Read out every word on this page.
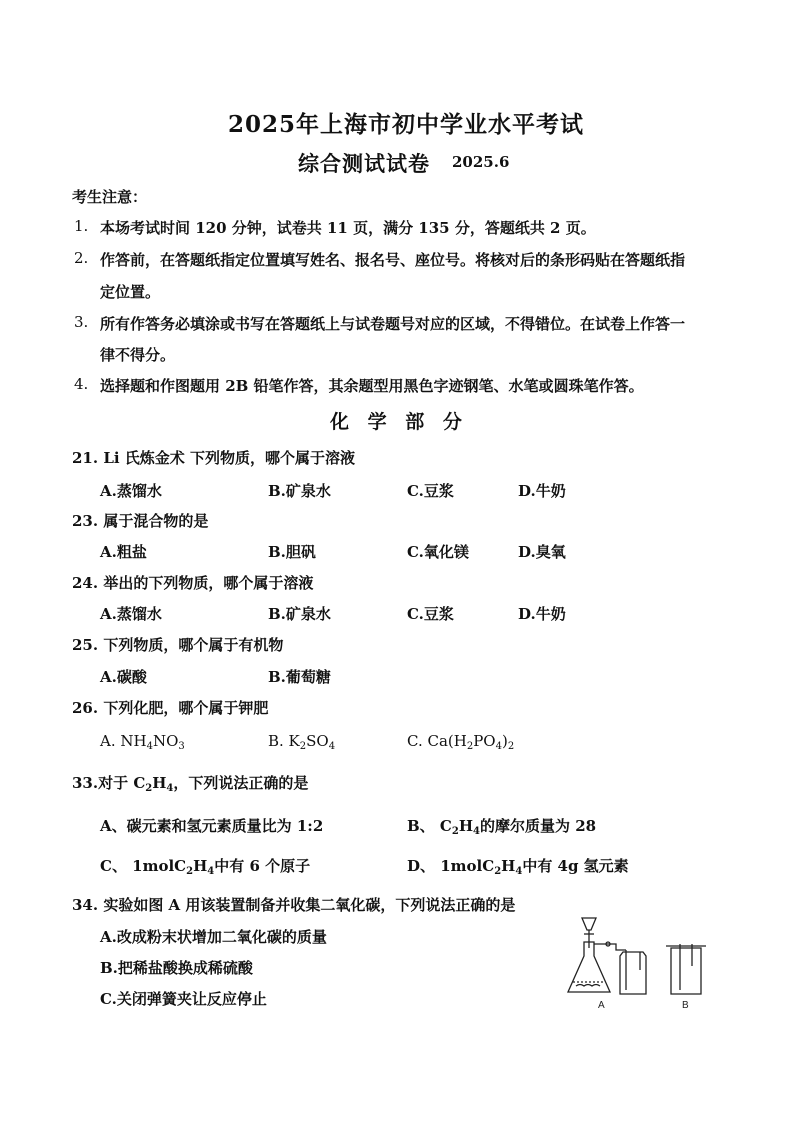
2025年上海市初中学业水平考试
综合测试试卷 2025.6
考生注意：
1. 本场考试时间 120 分钟，试卷共 11 页，满分 135 分，答题纸共 2 页。
2. 作答前，在答题纸指定位置填写姓名、报名号、座位号。将核对后的条形码贴在答题纸指
定位置。
3. 所有作答务必填涂或书写在答题纸上与试卷题号对应的区域，不得错位。在试卷上作答一
律不得分。
4. 选择题和作图题用 2B 铅笔作答，其余题型用黑色字迹钢笔、水笔或圆珠笔作答。
化 学 部 分
21. Li 氏炼金术 下列物质，哪个属于溶液
A.蒸馏水	B.矿泉水	C.豆浆	D.牛奶
23. 属于混合物的是
A.粗盐	B.胆矾	C.氧化镁	D.臭氧
24. 举出的下列物质，哪个属于溶液
A.蒸馏水	B.矿泉水	C.豆浆	D.牛奶
25. 下列物质，哪个属于有机物
A.碳酸	B.葡萄糖
26. 下列化肥，哪个属于钾肥
A. $NH_4NO_3$	B. $K_2SO_4$	C. $Ca(H_2PO_4)_2$
33.对于 $C_2H_4$，下列说法正确的是
A、碳元素和氢元素质量比为 1:2	B、 $C_2H_4$的摩尔质量为 28
C、 $1molC_2H_4$中有 6 个原子	D、 $1molC_2H_4$中有 4g 氢元素
34. 实验如图 A 用该装置制备并收集二氧化碳，下列说法正确的是
A.改成粉末状增加二氧化碳的质量
B.把稀盐酸换成稀硫酸
C.关闭弹簧夹让反应停止	A	B
